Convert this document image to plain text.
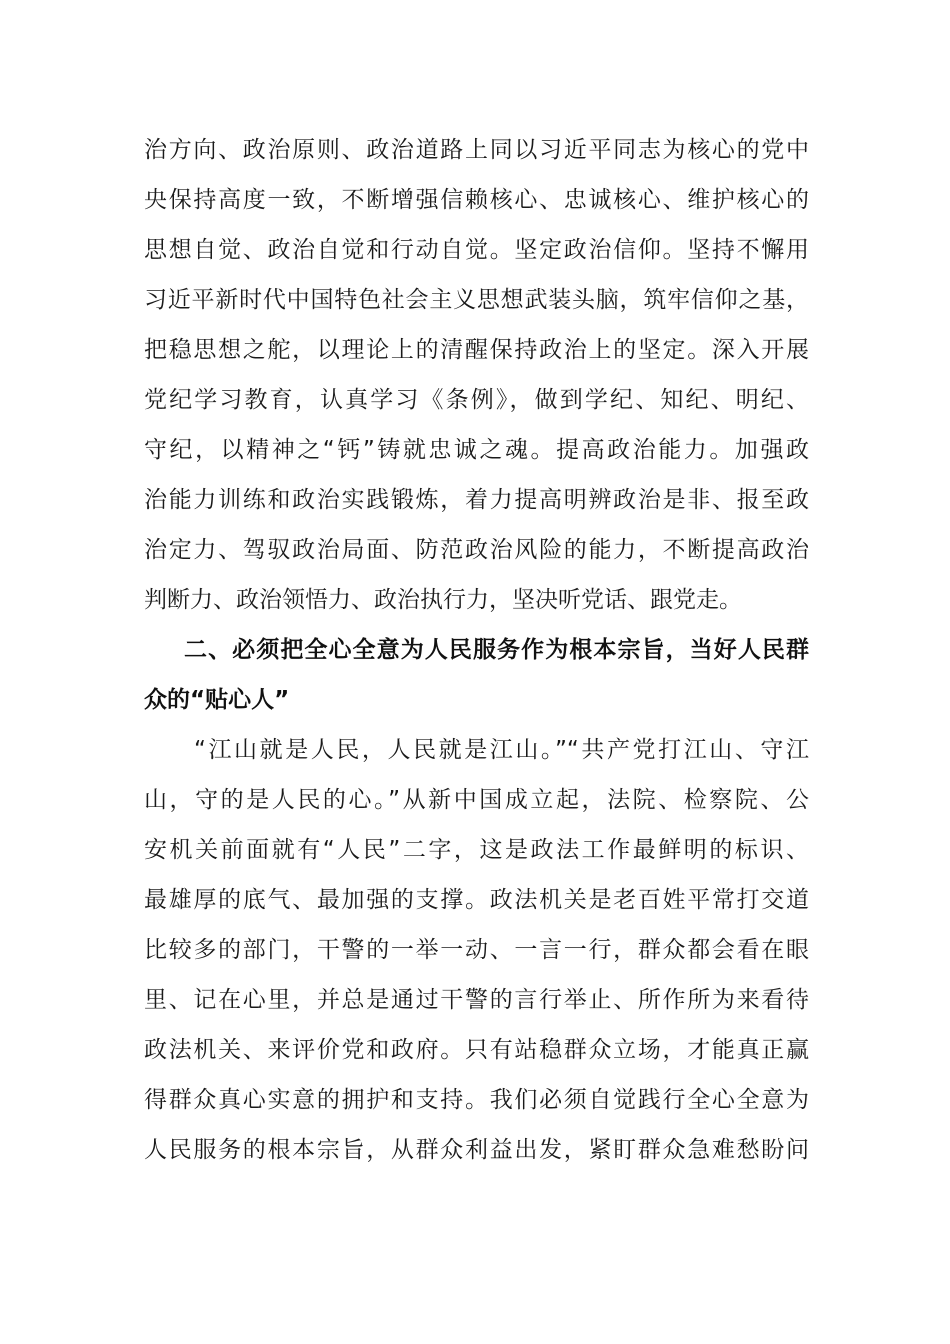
治方向、政治原则、政治道路上同以习近平同志为核心的党中
央保持高度一致，不断增强信赖核心、忠诚核心、维护核心的
思想自觉、政治自觉和行动自觉。坚定政治信仰。坚持不懈用
习近平新时代中国特色社会主义思想武装头脑，筑牢信仰之基，
把稳思想之舵，以理论上的清醒保持政治上的坚定。深入开展
党纪学习教育，认真学习《条例》，做到学纪、知纪、明纪、
守纪，以精神之“钙”铸就忠诚之魂。提高政治能力。加强政
治能力训练和政治实践锻炼，着力提高明辨政治是非、报至政
治定力、驾驭政治局面、防范政治风险的能力，不断提高政治
判断力、政治领悟力、政治执行力，坚决听党话、跟党走。
二、必须把全心全意为人民服务作为根本宗旨，当好人民群
众的“贴心人”
“江山就是人民，人民就是江山。”“共产党打江山、守江
山，守的是人民的心。”从新中国成立起，法院、检察院、公
安机关前面就有“人民”二字，这是政法工作最鲜明的标识、
最雄厚的底气、最加强的支撑。政法机关是老百姓平常打交道
比较多的部门，干警的一举一动、一言一行，群众都会看在眼
里、记在心里，并总是通过干警的言行举止、所作所为来看待
政法机关、来评价党和政府。只有站稳群众立场，才能真正赢
得群众真心实意的拥护和支持。我们必须自觉践行全心全意为
人民服务的根本宗旨，从群众利益出发，紧盯群众急难愁盼问
